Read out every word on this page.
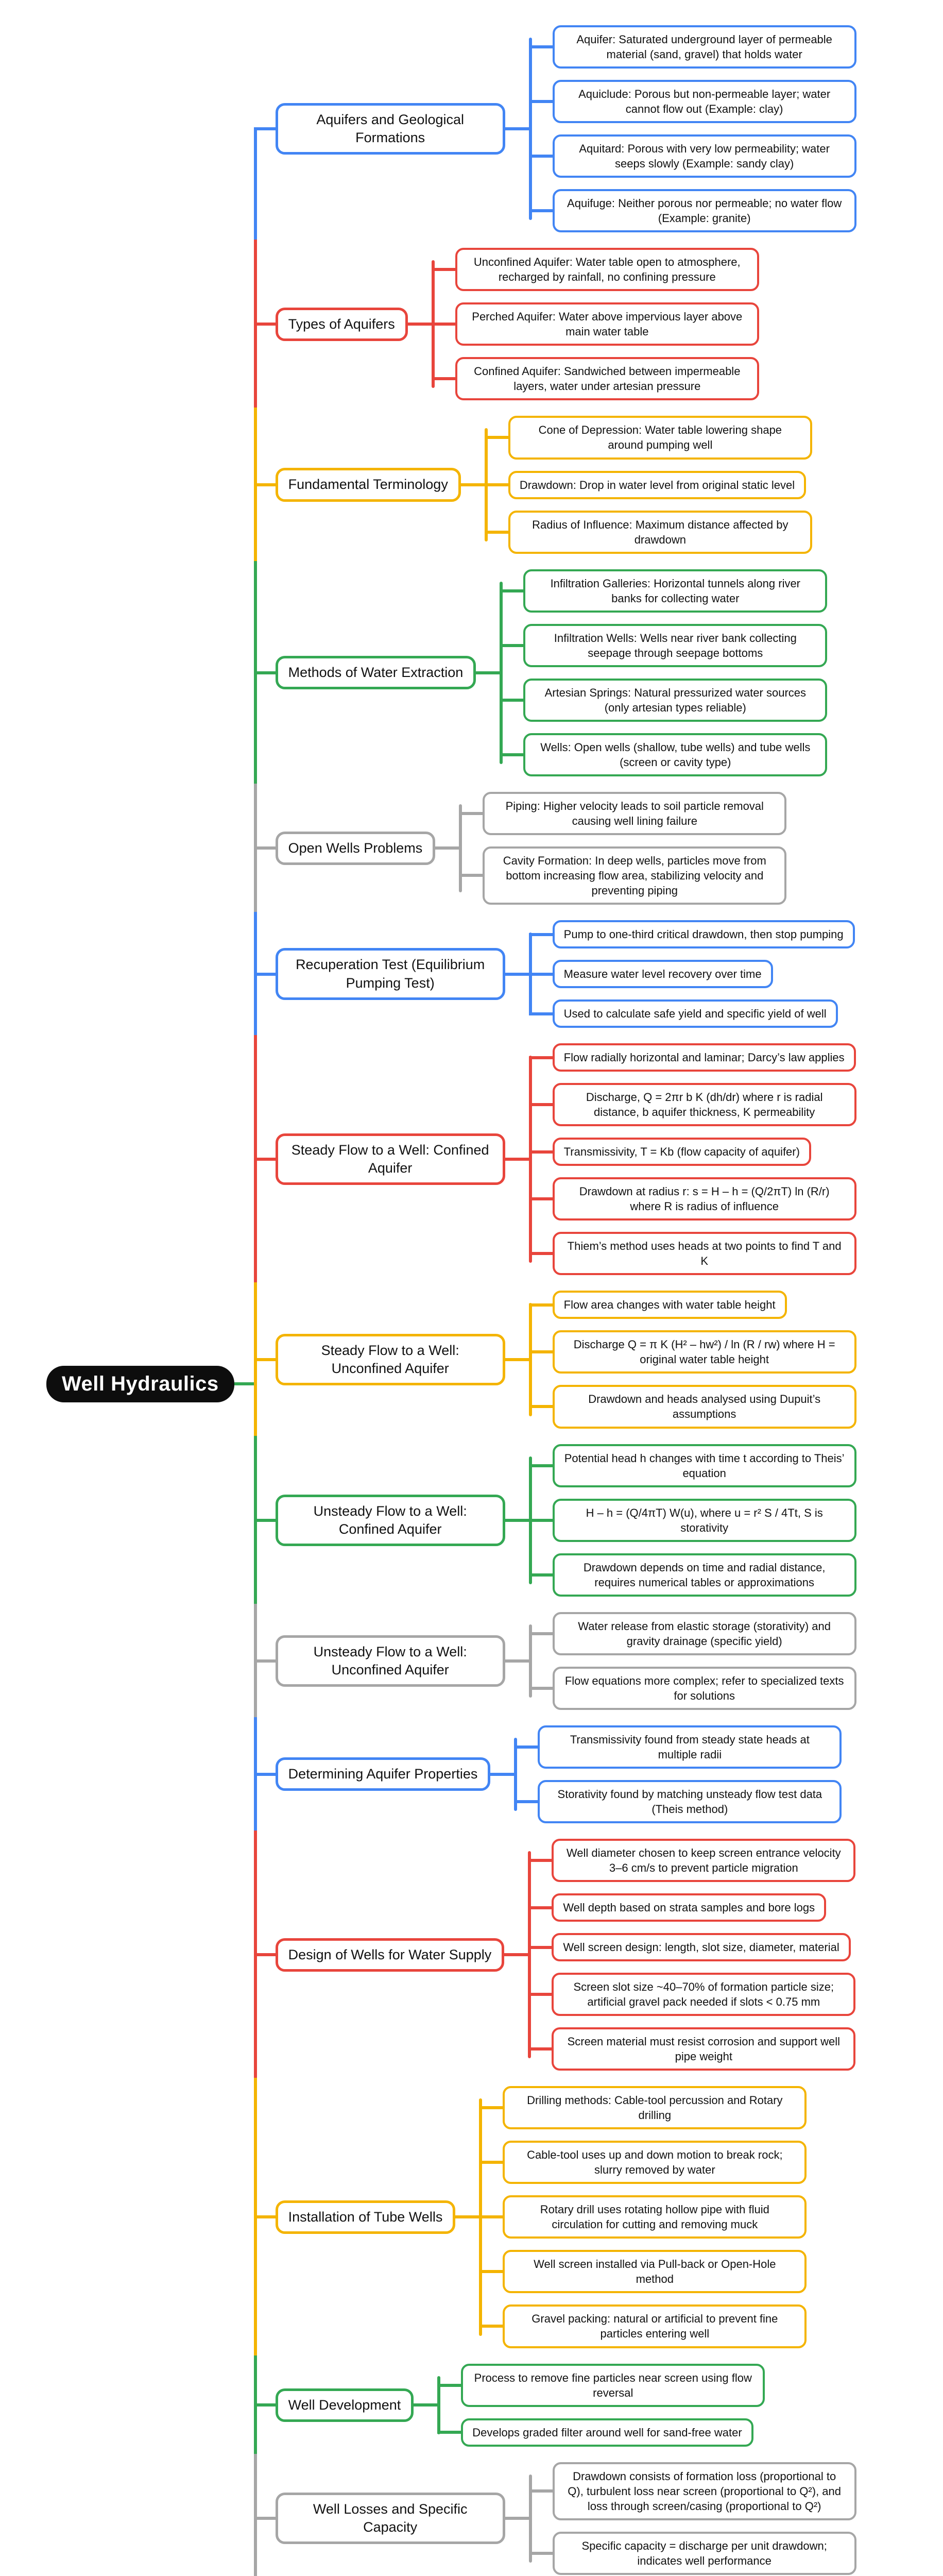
Well Hydraulics
Aquifers and Geological Formations
Aquifer: Saturated underground layer of permeable material (sand, gravel) that holds water
Aquiclude: Porous but non-permeable layer; water cannot flow out (Example: clay)
Aquitard: Porous with very low permeability; water seeps slowly (Example: sandy clay)
Aquifuge: Neither porous nor permeable; no water flow (Example: granite)
Types of Aquifers
Unconfined Aquifer: Water table open to atmosphere, recharged by rainfall, no confining pressure
Perched Aquifer: Water above impervious layer above main water table
Confined Aquifer: Sandwiched between impermeable layers, water under artesian pressure
Fundamental Terminology
Cone of Depression: Water table lowering shape around pumping well
Drawdown: Drop in water level from original static level
Radius of Influence: Maximum distance affected by drawdown
Methods of Water Extraction
Infiltration Galleries: Horizontal tunnels along river banks for collecting water
Infiltration Wells: Wells near river bank collecting seepage through seepage bottoms
Artesian Springs: Natural pressurized water sources (only artesian types reliable)
Wells: Open wells (shallow, tube wells) and tube wells (screen or cavity type)
Open Wells Problems
Piping: Higher velocity leads to soil particle removal causing well lining failure
Cavity Formation: In deep wells, particles move from bottom increasing flow area, stabilizing velocity and preventing piping
Recuperation Test (Equilibrium Pumping Test)
Pump to one-third critical drawdown, then stop pumping
Measure water level recovery over time
Used to calculate safe yield and specific yield of well
Steady Flow to a Well: Confined Aquifer
Flow radially horizontal and laminar; Darcy’s law applies
Discharge, Q = 2πr b K (dh/dr) where r is radial distance, b aquifer thickness, K permeability
Transmissivity, T = Kb (flow capacity of aquifer)
Drawdown at radius r: s = H – h = (Q/2πT) ln (R/r) where R is radius of influence
Thiem’s method uses heads at two points to find T and K
Steady Flow to a Well: Unconfined Aquifer
Flow area changes with water table height
Discharge Q = π K (H² – hw²) / ln (R / rw) where H = original water table height
Drawdown and heads analysed using Dupuit’s assumptions
Unsteady Flow to a Well: Confined Aquifer
Potential head h changes with time t according to Theis’ equation
H – h = (Q/4πT) W(u), where u = r² S / 4Tt, S is storativity
Drawdown depends on time and radial distance, requires numerical tables or approximations
Unsteady Flow to a Well: Unconfined Aquifer
Water release from elastic storage (storativity) and gravity drainage (specific yield)
Flow equations more complex; refer to specialized texts for solutions
Determining Aquifer Properties
Transmissivity found from steady state heads at multiple radii
Storativity found by matching unsteady flow test data (Theis method)
Design of Wells for Water Supply
Well diameter chosen to keep screen entrance velocity 3–6 cm/s to prevent particle migration
Well depth based on strata samples and bore logs
Well screen design: length, slot size, diameter, material
Screen slot size ~40–70% of formation particle size; artificial gravel pack needed if slots < 0.75 mm
Screen material must resist corrosion and support well pipe weight
Installation of Tube Wells
Drilling methods: Cable-tool percussion and Rotary drilling
Cable-tool uses up and down motion to break rock; slurry removed by water
Rotary drill uses rotating hollow pipe with fluid circulation for cutting and removing muck
Well screen installed via Pull-back or Open-Hole method
Gravel packing: natural or artificial to prevent fine particles entering well
Well Development
Process to remove fine particles near screen using flow reversal
Develops graded filter around well for sand-free water
Well Losses and Specific Capacity
Drawdown consists of formation loss (proportional to Q), turbulent loss near screen (proportional to Q²), and loss through screen/casing (proportional to Q²)
Specific capacity = discharge per unit drawdown; indicates well performance
